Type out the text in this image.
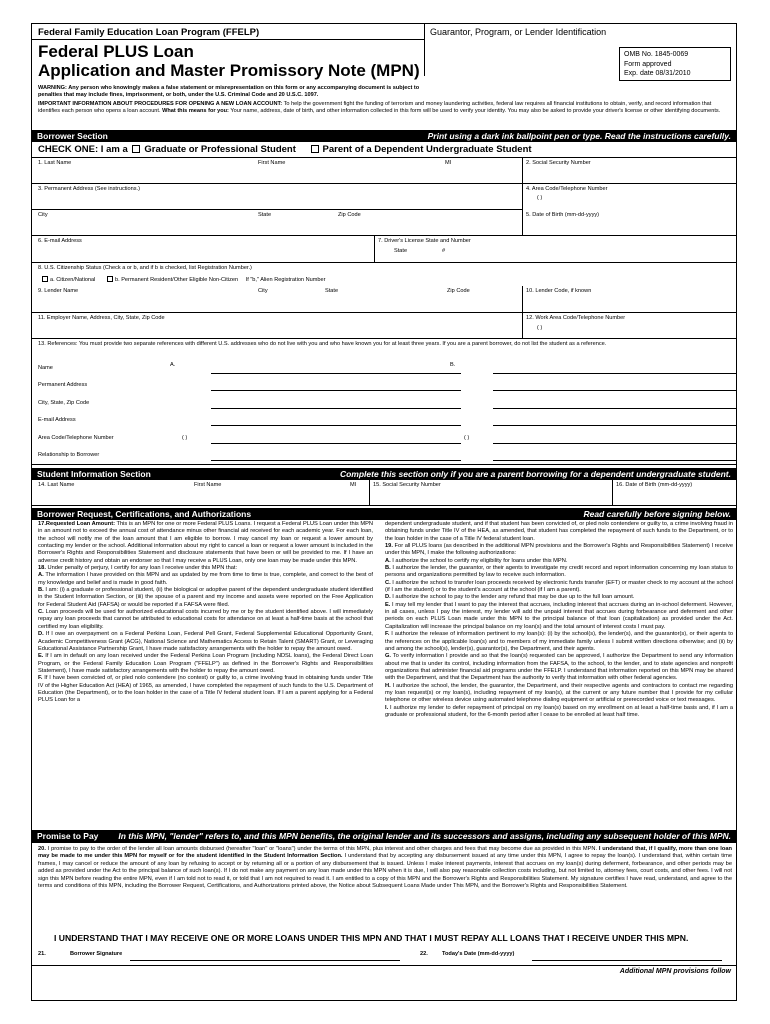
Federal Family Education Loan Program (FFELP)	Guarantor, Program, or Lender Identification
Federal PLUS Loan
Application and Master Promissory Note (MPN)
OMB No. 1845-0069
Form approved
Exp. date 08/31/2010
WARNING: Any person who knowingly makes a false statement or misrepresentation on this form or any accompanying document is subject to penalties that may include fines, imprisonment, or both, under the U.S. Criminal Code and 20 U.S.C. 1097.
IMPORTANT INFORMATION ABOUT PROCEDURES FOR OPENING A NEW LOAN ACCOUNT: To help the government fight the funding of terrorism and money laundering activities, federal law requires all financial institutions to obtain, verify, and record information that identifies each person who opens a loan account. What this means for you: Your name, address, date of birth, and other information collected in this form will be used to verify your identity. You may also be asked to provide your driver's license or other identifying documents.
Borrower Section	Print using a dark ink ballpoint pen or type. Read the instructions carefully.
CHECK ONE: I am a Graduate or Professional Student	Parent of a Dependent Undergraduate Student
1. Last Name	First Name	MI	2. Social Security Number
3. Permanent Address (See instructions.)	4. Area Code/Telephone Number
( )
City	State	Zip Code	5. Date of Birth (mm-dd-yyyy)
6. E-mail Address	7. Driver's License State and Number
State	#
8. U.S. Citizenship Status (Check a or b, and if b is checked, list Registration Number.)
a. Citizen/National	b. Permanent Resident/Other Eligible Non-Citizen If "b," Alien Registration Number
9. Lender Name	City	State	Zip Code	10. Lender Code, if known
11. Employer Name, Address, City, State, Zip Code	12. Work Area Code/Telephone Number
( )
13. References: You must provide two separate references with different U.S. addresses who do not live with you and who have known you for at least three years. If you are a parent borrower, do not list the student as a reference.
A.	B.
Name
Permanent Address
City, State, Zip Code
E-mail Address
Area Code/Telephone Number	( )	( )
Relationship to Borrower
Student Information Section	Complete this section only if you are a parent borrowing for a dependent undergraduate student.
14. Last Name	First Name	MI	15. Social Security Number	16. Date of Birth (mm-dd-yyyy)
Borrower Request, Certifications, and Authorizations	Read carefully before signing below.

17.Requested Loan Amount: This is an MPN for one or more Federal PLUS Loans. I request a Federal PLUS Loan under this MPN in an amount not to exceed the annual cost of attendance minus other financial aid received for each academic year. For each loan, the school will notify me of the loan amount that I am eligible to borrow. I may cancel my loan or request a lower amount by contacting my lender or the school. Additional information about my right to cancel a loan or request a lower amount is included in the Borrower's Rights and Responsibilities Statement and disclosure statements that have been or will be provided to me. If I have an adverse credit history and obtain an endorser so that I may receive a PLUS Loan, only one loan may be made under this MPN.

18. Under penalty of perjury, I certify for any loan I receive under this MPN that:

A. The information I have provided on this MPN and as updated by me from time to time is true, complete, and correct to the best of my knowledge and belief and is made in good faith.

B. I am: (i) a graduate or professional student, (ii) the biological or adoptive parent of the dependent undergraduate student identified in the Student Information Section, or (iii) the spouse of a parent and my income and assets were reported on the Free Application for Federal Student Aid (FAFSA) or would be reported if a FAFSA were filed.

C. Loan proceeds will be used for authorized educational costs incurred by me or by the student identified above. I will immediately repay any loan proceeds that cannot be attributed to educational costs for attendance on at least a half-time basis at the school that certified my loan eligibility.

D. If I owe an overpayment on a Federal Perkins Loan, Federal Pell Grant, Federal Supplemental Educational Opportunity Grant, Academic Competitiveness Grant (ACG), National Science and Mathematics Access to Retain Talent (SMART) Grant, or Leveraging Educational Assistance Partnership Grant, I have made satisfactory arrangements with the holder to repay the amount owed.

E. If I am in default on any loan received under the Federal Perkins Loan Program (including NDSL loans), the Federal Direct Loan Program, or the Federal Family Education Loan Program ("FFELP") as defined in the Borrower's Rights and Responsibilities Statement), I have made satisfactory arrangements with the holder to repay the amount owed.

F. If I have been convicted of, or pled nolo contendere (no contest) or guilty to, a crime involving fraud in obtaining funds under Title IV of the Higher Education Act (HEA) of 1965, as amended, I have completed the repayment of such funds to the U.S. Department of Education (the Department), or to the loan holder in the case of a Title IV federal student loan. If I am a parent applying for a Federal PLUS Loan for a

dependent undergraduate student, and if that student has been convicted of, or pled nolo contendere or guilty to, a crime involving fraud in obtaining funds under Title IV of the HEA, as amended, that student has completed the repayment of such funds to the Department, or to the loan holder in the case of a Title IV federal student loan.

19. For all PLUS loans (as described in the additional MPN provisions and the Borrower's Rights and Responsibilities Statement) I receive under this MPN, I make the following authorizations:

A. I authorize the school to certify my eligibility for loans under this MPN.

B. I authorize the lender, the guarantor, or their agents to investigate my credit record and report information concerning my loan status to persons and organizations permitted by law to receive such information.

C. I authorize the school to transfer loan proceeds received by electronic funds transfer (EFT) or master check to my account at the school (if I am the student) or to the student's account at the school (if I am a parent).

D. I authorize the school to pay to the lender any refund that may be due up to the full loan amount.

E. I may tell my lender that I want to pay the interest that accrues, including interest that accrues during an in-school deferment. However, in all cases, unless I pay the interest, my lender will add the unpaid interest that accrues during forbearance and deferment and other periods on each PLUS Loan made under this MPN to the principal balance of that loan (capitalization) as provided under the Act. Capitalization will increase the principal balance on my loan(s) and the total amount of interest costs I must pay.

F. I authorize the release of information pertinent to my loan(s): (i) by the school(s), the lender(s), and the guarantor(s), or their agents to the references on the applicable loan(s) and to members of my immediate family unless I submit written directions otherwise; and (ii) by and among the school(s), lender(s), guarantor(s), the Department, and their agents.

G. To verify information I provide and so that the loan(s) requested can be approved, I authorize the Department to send any information about me that is under its control, including information from the FAFSA, to the school, to the lender, and to state agencies and nonprofit organizations that administer financial aid programs under the FFELP. I understand that information reported on this MPN may be shared with the Department, and that the Department has the authority to verify that information with other federal agencies.

H. I authorize the school, the lender, the guarantor, the Department, and their respective agents and contractors to contact me regarding my loan request(s) or my loan(s), including repayment of my loan(s), at the current or any future number that I provide for my cellular telephone or other wireless device using automated telephone dialing equipment or artificial or prerecorded voice or text messages.

I. I authorize my lender to defer repayment of principal on my loan(s) based on my enrollment on at least a half-time basis and, if I am a graduate or professional student, for the 6-month period after I cease to be enrolled at least half time.

Promise to Pay In this MPN, "lender" refers to, and this MPN benefits, the original lender and its successors and assigns, including any subsequent holder of this MPN.
20. I promise to pay to the order of the lender all loan amounts disbursed (hereafter "loan" or "loans") under the terms of this MPN, plus interest and other charges and fees that may become due as provided in this MPN. I understand that, if I qualify, more than one loan may be made to me under this MPN for myself or for the student identified in the Student Information Section. I understand that by accepting any disbursement issued at any time under this MPN, I agree to repay the loan(s). I understand that, within certain time frames, I may cancel or reduce the amount of any loan by refusing to accept or by returning all or a portion of any disbursement that is issued. Unless I make interest payments, interest that accrues on my loan(s) during deferment, forbearance, and other periods may be added as provided under the Act to the principal balance of such loan(s). If I do not make any payment on any loan made under this MPN when it is due, I will also pay reasonable collection costs including, but not limited to, attorney fees, court costs, and other fees. I will not sign this MPN before reading the entire MPN, even if I am told not to read it, or told that I am not required to read it. I am entitled to a copy of this MPN and the Borrower's Rights and Responsibilities Statement. My signature certifies I have read, understand, and agree to the terms and conditions of this MPN, including the Borrower Request, Certifications, and Authorizations printed above, the Notice about Subsequent Loans Made under This MPN, and the Borrower's Rights and Responsibilities Statement.
I UNDERSTAND THAT I MAY RECEIVE ONE OR MORE LOANS UNDER THIS MPN AND THAT I MUST REPAY ALL LOANS THAT I RECEIVE UNDER THIS MPN.
21.	Borrower Signature	22.	Today's Date (mm-dd-yyyy)
Additional MPN provisions follow
